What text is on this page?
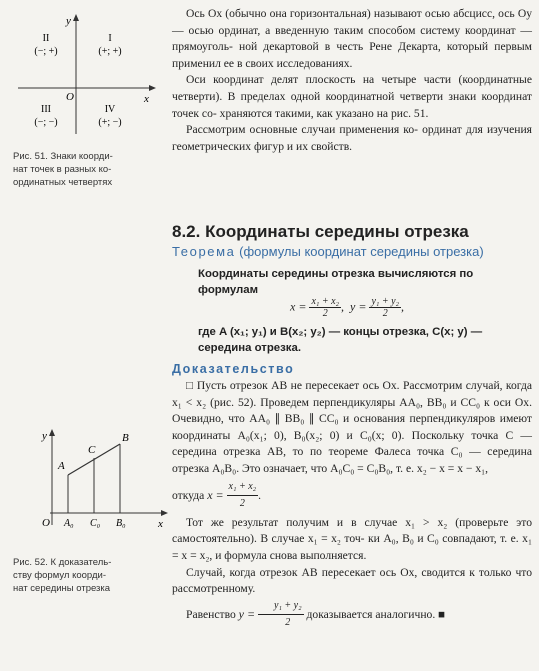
y
x
O
II
(−; +)
I
(+; +)
III
(−; −)
IV
(+; −)
Рис. 51. Знаки коорди-
нат точек в разных ко-
ординатных четвертях

Ось Ox (обычно она горизонтальная) называют осью абсцисс, ось Oy — осью ординат, а введенную таким способом систему координат — прямоуголь- ной декартовой в честь Рене Декарта, который первым применил ее в своих исследованиях.

Оси координат делят плоскость на четыре части (координатные четверти). В пределах одной координатной четверти знаки координат точек со- храняются такими, как указано на рис. 51.

Рассмотрим основные случаи применения ко- ординат для изучения геометрических фигур и их свойств.

8.2. Координаты середины отрезка
Теорема (формулы координат середины отрезка)
Координаты середины отрезка вычисляются по
формулам
$x = \frac{\text{x₁ + x₂}}{2}$ , $y = \frac{\text{y₁ + y₂}}{2}$ ,
где A (x₁; y₁) и B(x₂; y₂) — концы отрезка, C(x; y) —
середина отрезка.
Доказательство
y
x
O
A
C
B
A₀ C₀ B₀
Рис. 52. К доказатель-
ству формул коорди-
нат середины отрезка

□ Пусть отрезок AB не пересекает ось Ox. Рассмотрим случай, когда x₁ < x₂ (рис. 52). Проведем перпендикуляры AA₀, BB₀ и CC₀ к оси Ox. Очевидно, что AA₀ ∥ BB₀ ∥ CC₀ и основания перпендикуляров имеют координаты A₀(x₁; 0), B₀(x₂; 0) и C₀(x; 0). Поскольку точка C — середина отрезка AB, то по теореме Фалеса точка C₀ — середина отрезка A₀B₀. Это означает, что A₀C₀ = C₀B₀, т. е. x₂ − x = x − x₁,

откуда $x = \frac{\text{x₁ + x₂}}{2}$ .

Тот же результат получим и в случае x₁ > x₂ (проверьте это самостоятельно). В случае x₁ = x₂ точ- ки A₀, B₀ и C₀ совпадают, т. е. x₁ = x = x₂, и формула снова выполняется.

Случай, когда отрезок AB пересекает ось Ox, сводится к только что рассмотренному.

Равенство $y = \frac{\text{y₁ + y₂}}{2}$ доказывается аналогично. ■
